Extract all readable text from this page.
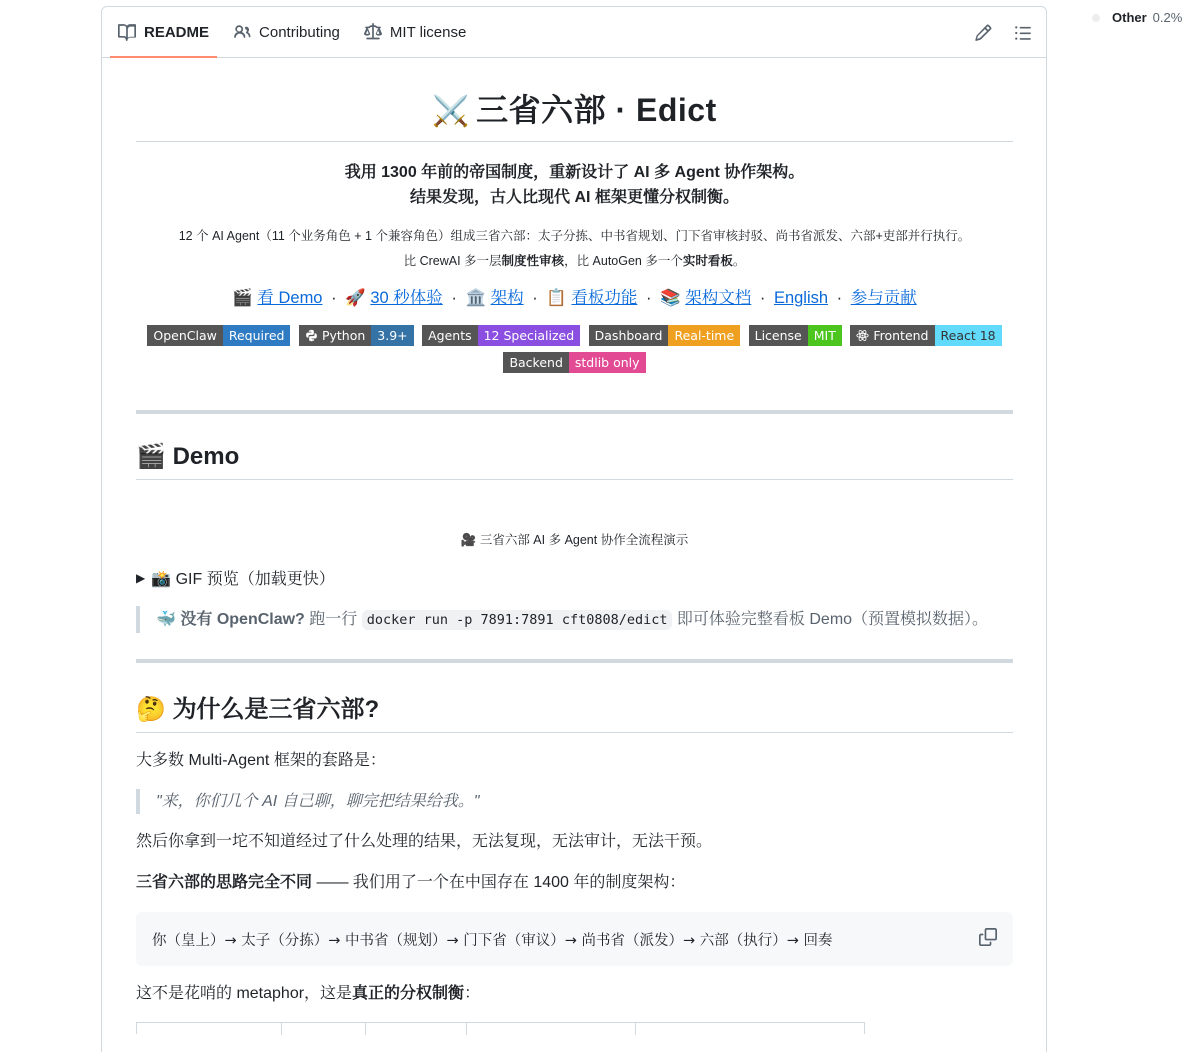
Other 0.2%
README	Contributing	MIT license
⚔️ 三省六部 · Edict
我用 1300 年前的帝国制度，重新设计了 AI 多 Agent 协作架构。
结果发现，古人比现代 AI 框架更懂分权制衡。
12 个 AI Agent（11 个业务角色 + 1 个兼容角色）组成三省六部：太子分拣、中书省规划、门下省审核封驳、尚书省派发、六部+吏部并行执行。
比 CrewAI 多一层制度性审核，比 AutoGen 多一个实时看板。
🎬 看 Demo · 🚀 30 秒体验 · 🏛️ 架构 · 📋 看板功能 · 📚 架构文档 · English · 参与贡献
OpenClaw Required
	Python 3.9+
	Agents 12 Specialized
	Dashboard Real-time
	License MIT
	Frontend React 18

Backend stdlib only
🎬 Demo
🎥 三省六部 AI 多 Agent 协作全流程演示
▶ 📸 GIF 预览（加载更快）
🐳 没有 OpenClaw? 跑一行 docker run -p 7891:7891 cft0808/edict 即可体验完整看板 Demo（预置模拟数据）。
🤔 为什么是三省六部?

大多数 Multi-Agent 框架的套路是：

"来，你们几个 AI 自己聊，聊完把结果给我。"

然后你拿到一坨不知道经过了什么处理的结果，无法复现，无法审计，无法干预。

三省六部的思路完全不同 —— 我们用了一个在中国存在 1400 年的制度架构：

你（皇上）→ 太子（分拣）→ 中书省（规划）→ 门下省（审议）→ 尚书省（派发）→ 六部（执行）→ 回奏

这不是花哨的 metaphor，这是真正的分权制衡：
